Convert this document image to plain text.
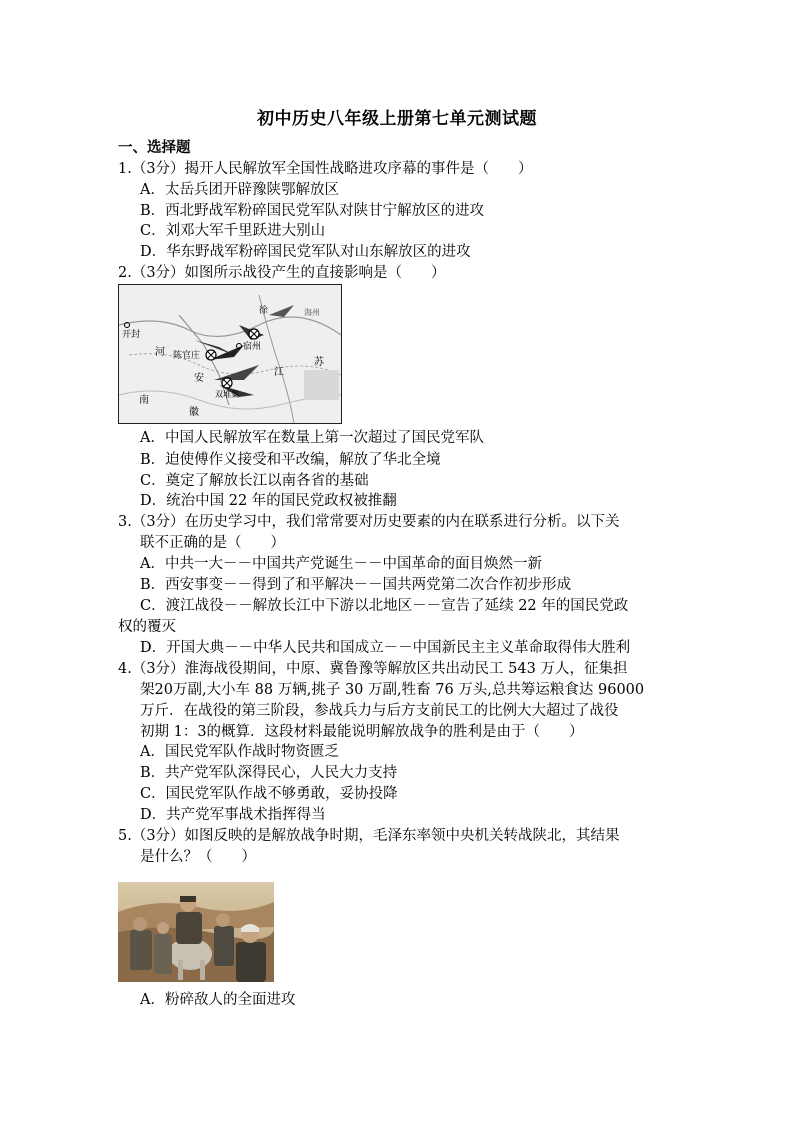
初中历史八年级上册第七单元测试题
一、选择题
1.（3分）揭开人民解放军全国性战略进攻序幕的事件是（　　）
A．太岳兵团开辟豫陕鄂解放区
B．西北野战军粉碎国民党军队对陕甘宁解放区的进攻
C．刘邓大军千里跃进大别山
D．华东野战军粉碎国民党军队对山东解放区的进攻
2.（3分）如图所示战役产生的直接影响是（　　）
开封
徐
宿州
陈官庄
双堆集
河
南
安
徽
江
苏
海州
A．中国人民解放军在数量上第一次超过了国民党军队
B．迫使傅作义接受和平改编，解放了华北全境
C．奠定了解放长江以南各省的基础
D．统治中国 22 年的国民党政权被推翻
3.（3分）在历史学习中，我们常常要对历史要素的内在联系进行分析。以下关
联不正确的是（　　）
A．中共一大－－中国共产党诞生－－中国革命的面目焕然一新
B．西安事变－－得到了和平解决－－国共两党第二次合作初步形成
C．渡江战役－－解放长江中下游以北地区－－宣告了延续 22 年的国民党政
权的覆灭
D．开国大典－－中华人民共和国成立－－中国新民主主义革命取得伟大胜利
4.（3分）淮海战役期间，中原、冀鲁豫等解放区共出动民工 543 万人，征集担
架20万副,大小车 88 万辆,挑子 30 万副,牲畜 76 万头,总共筹运粮食达 96000
万斤．在战役的第三阶段，参战兵力与后方支前民工的比例大大超过了战役
初期 1：3的概算．这段材料最能说明解放战争的胜利是由于（　　）
A．国民党军队作战时物资匮乏
B．共产党军队深得民心，人民大力支持
C．国民党军队作战不够勇敢，妥协投降
D．共产党军事战术指挥得当
5.（3分）如图反映的是解放战争时期，毛泽东率领中央机关转战陕北，其结果
是什么？（　　）
A．粉碎敌人的全面进攻
